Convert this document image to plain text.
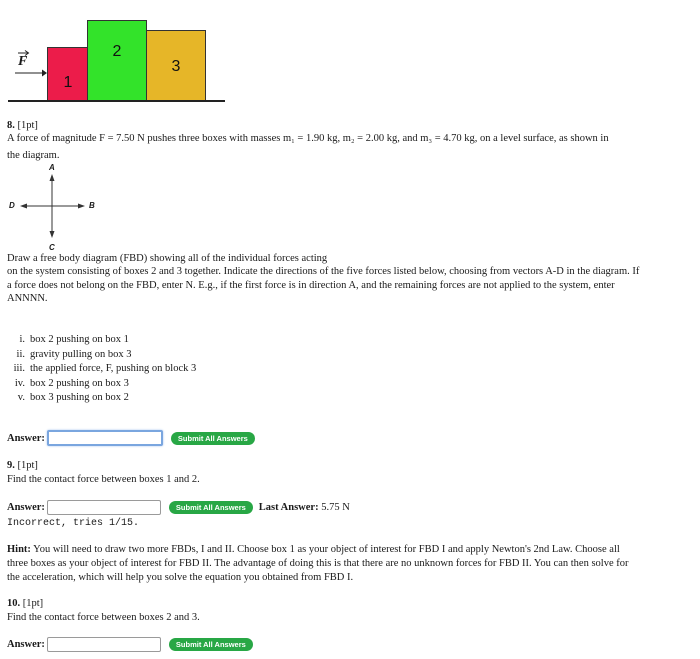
F
1
3
2
8. [1pt]
A force of magnitude F = 7.50 N pushes three boxes with masses m₁ = 1.90 kg, m₂ = 2.00 kg, and m₃ = 4.70 kg, on a level surface, as shown in
the diagram.
A
B
C
D
Draw a free body diagram (FBD) showing all of the individual forces acting
on the system consisting of boxes 2 and 3 together. Indicate the directions of the five forces listed below, choosing from vectors A-D in the diagram. If
a force does not belong on the FBD, enter N. E.g., if the first force is in direction A, and the remaining forces are not applied to the system, enter
ANNNN.
i. box 2 pushing on box 1
ii. gravity pulling on box 3
iii. the applied force, F, pushing on block 3
iv. box 2 pushing on box 3
v. box 3 pushing on box 2
Answer:	Submit All Answers
9. [1pt]
Find the contact force between boxes 1 and 2.
Answer:	Submit All Answers	Last Answer: 5.75 N
Incorrect, tries 1/15.
Hint: You will need to draw two more FBDs, I and II. Choose box 1 as your object of interest for FBD I and apply Newton's 2nd Law. Choose all
three boxes as your object of interest for FBD II. The advantage of doing this is that there are no unknown forces for FBD II. You can then solve for
the acceleration, which will help you solve the equation you obtained from FBD I.
10. [1pt]
Find the contact force between boxes 2 and 3.
Answer:	Submit All Answers
